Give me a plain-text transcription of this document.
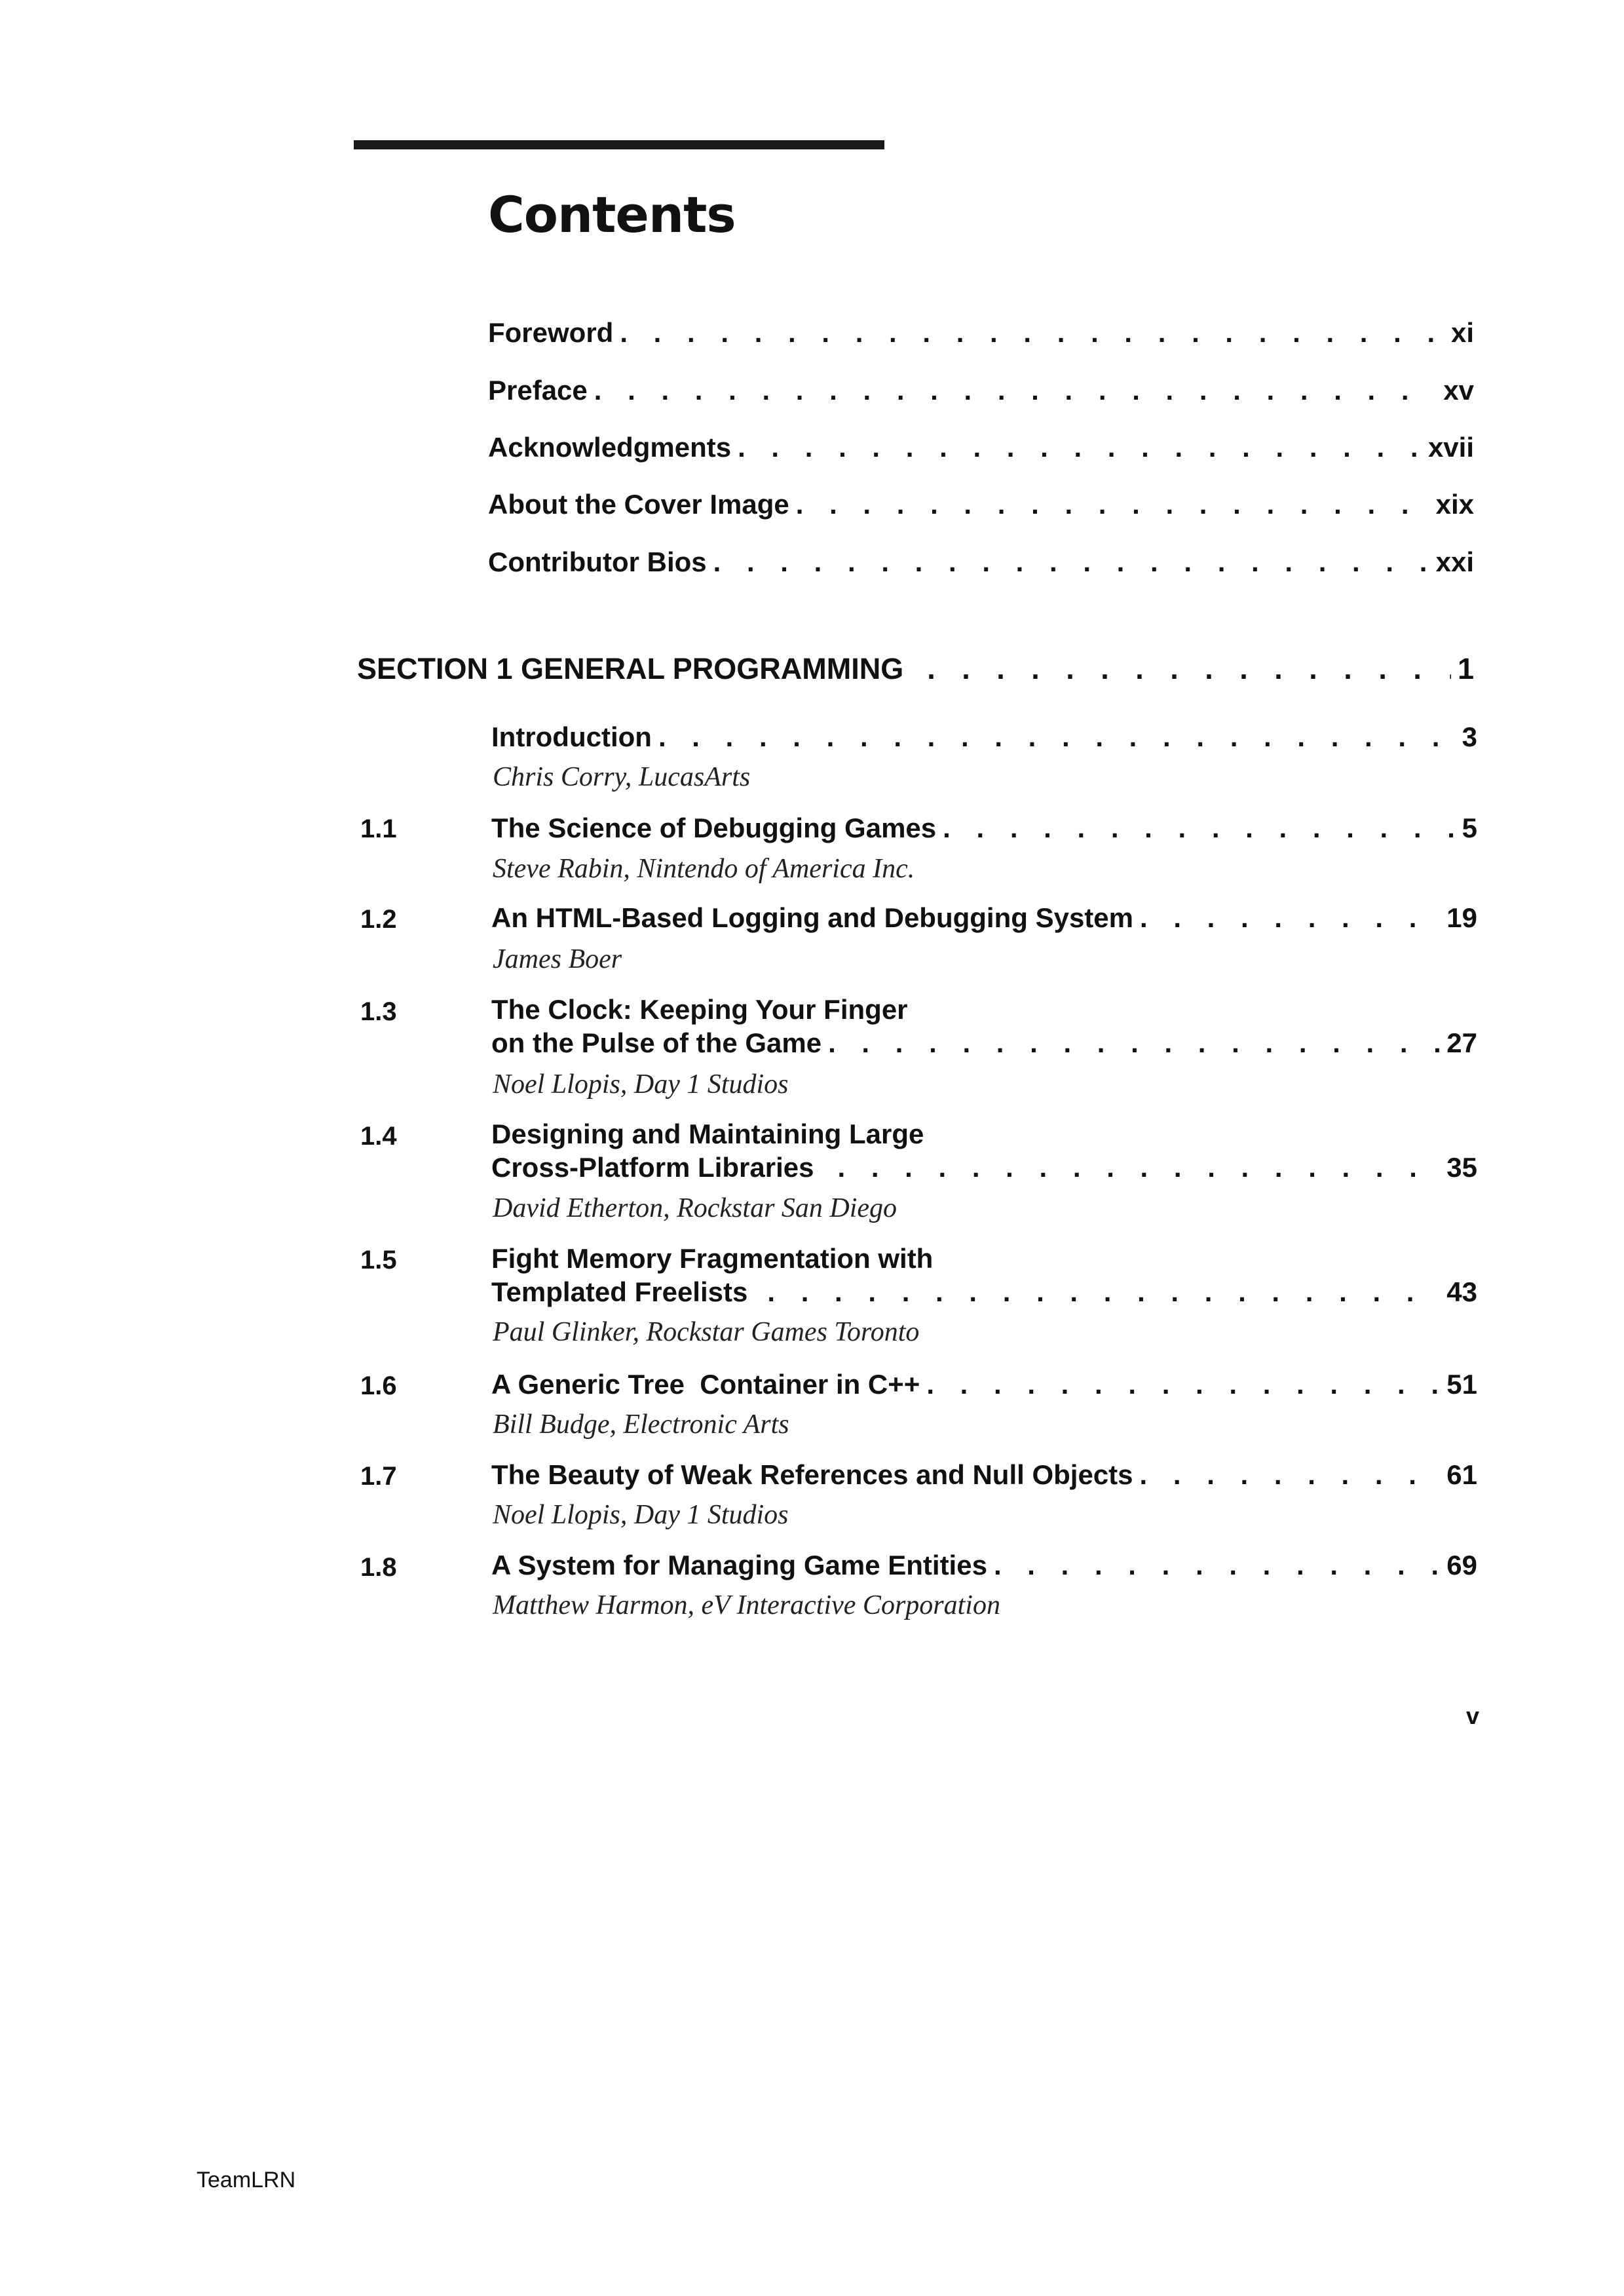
Contents
Foreword . . .	xi
Preface . . .	xv
Acknowledgments . . .	xvii
About the Cover Image . . .	xix
Contributor Bios . . .	xxi
SECTION 1 GENERAL PROGRAMMING . . .	1
Introduction . . .	3
Chris Corry, LucasArts
1.1	The Science of Debugging Games . . .	5
Steve Rabin, Nintendo of America Inc.
1.2	An HTML-Based Logging and Debugging System . . .	19
James Boer
1.3	The Clock: Keeping Your Finger
on the Pulse of the Game . . .	27
Noel Llopis, Day 1 Studios
1.4	Designing and Maintaining Large
Cross-Platform Libraries . . .	35
David Etherton, Rockstar San Diego
1.5	Fight Memory Fragmentation with
Templated Freelists . . .	43
Paul Glinker, Rockstar Games Toronto
1.6	A Generic Tree  Container in C++ . . .	51
Bill Budge, Electronic Arts
1.7	The Beauty of Weak References and Null Objects . . .	61
Noel Llopis, Day 1 Studios
1.8	A System for Managing Game Entities . . .	69
Matthew Harmon, eV Interactive Corporation
v
TeamLRN
